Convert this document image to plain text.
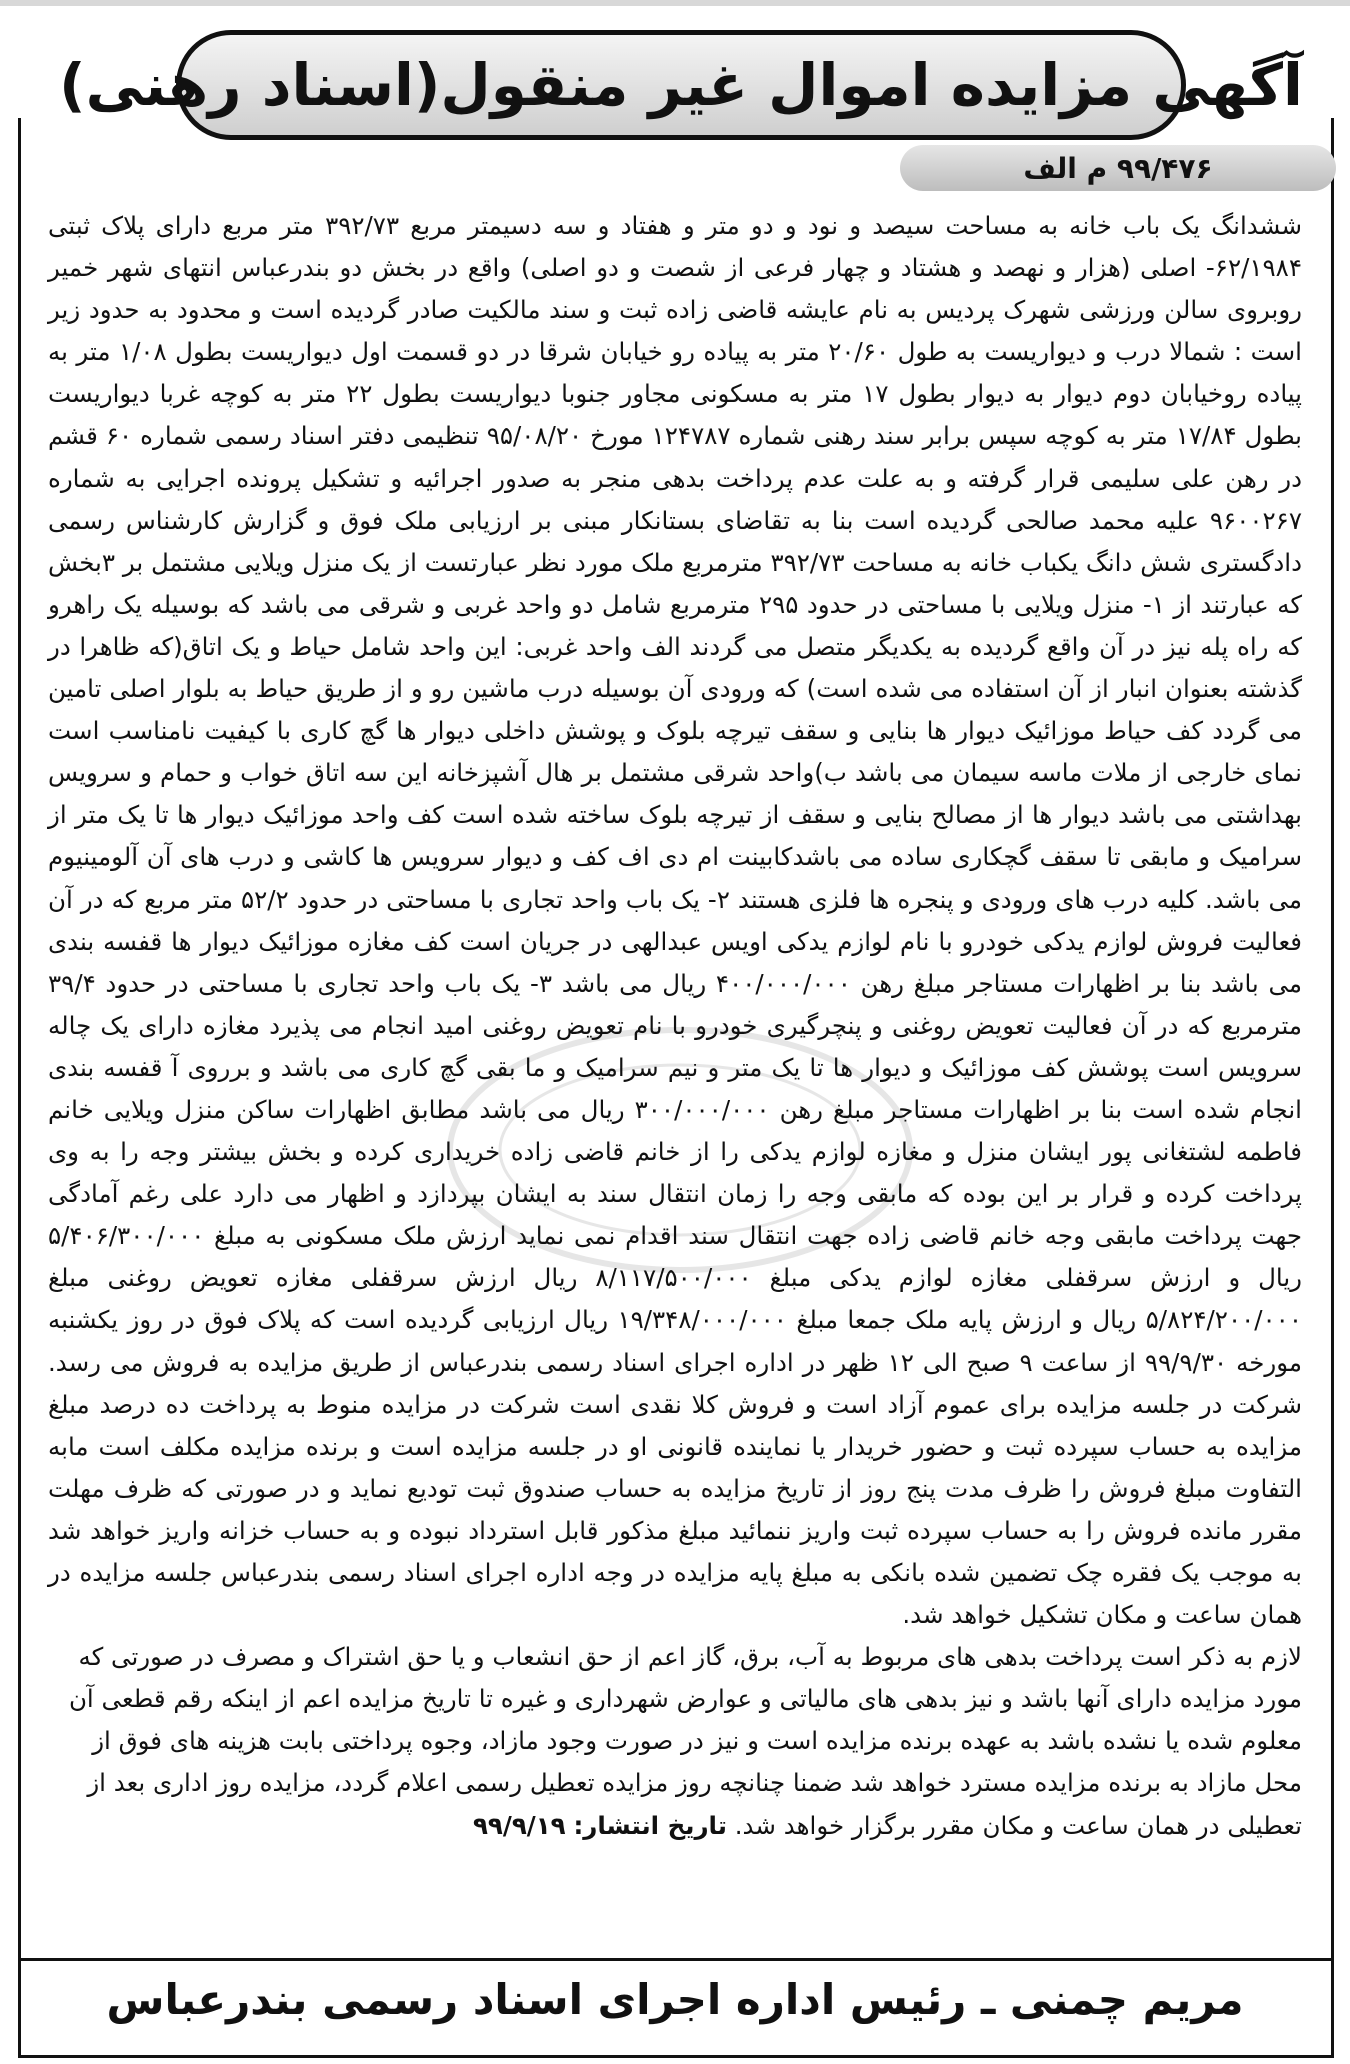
آگهی مزایده اموال غیر منقول(اسناد رهنی)
۹۹/۴۷۶ م الف

ششدانگ یک باب خانه به مساحت سیصد و نود و دو متر و هفتاد و سه دسیمتر مربع ۳۹۲/۷۳ متر مربع دارای پلاک ثبتی ۶۲/۱۹۸۴- اصلی (هزار و نهصد و هشتاد و چهار فرعی از شصت و دو اصلی) واقع در بخش دو بندرعباس انتهای شهر خمیر روبروی سالن ورزشی شهرک پردیس به نام عایشه قاضی زاده ثبت و سند مالکیت صادر گردیده است و محدود به حدود زیر است : شمالا درب و دیواریست به طول ۲۰/۶۰ متر به پیاده رو خیابان شرقا در دو قسمت اول دیواریست بطول ۱/۰۸ متر به پیاده روخیابان دوم دیوار به دیوار بطول ۱۷ متر به مسکونی مجاور جنوبا دیواریست بطول ۲۲ متر به کوچه غربا دیواریست بطول ۱۷/۸۴ متر به کوچه سپس برابر سند رهنی شماره ۱۲۴۷۸۷ مورخ ۹۵/۰۸/۲۰ تنظیمی دفتر اسناد رسمی شماره ۶۰ قشم در رهن علی سلیمی قرار گرفته و به علت عدم پرداخت بدهی منجر به صدور اجرائیه و تشکیل پرونده اجرایی به شماره ۹۶۰۰۲۶۷ علیه محمد صالحی گردیده است بنا به تقاضای بستانکار مبنی بر ارزیابی ملک فوق و گزارش کارشناس رسمی دادگستری شش دانگ یکباب خانه به مساحت ۳۹۲/۷۳ مترمربع ملک مورد نظر عبارتست از یک منزل ویلایی مشتمل بر ۳بخش که عبارتند از ۱- منزل ویلایی با مساحتی در حدود ۲۹۵ مترمربع شامل دو واحد غربی و شرقی می باشد که بوسیله یک راهرو که راه پله نیز در آن واقع گردیده به یکدیگر متصل می گردند الف واحد غربی: این واحد شامل حیاط و یک اتاق(که ظاهرا در گذشته بعنوان انبار از آن استفاده می شده است) که ورودی آن بوسیله درب ماشین رو و از طریق حیاط به بلوار اصلی تامین می گردد کف حیاط موزائیک دیوار ها بنایی و سقف تیرچه بلوک و پوشش داخلی دیوار ها گچ کاری با کیفیت نامناسب است نمای خارجی از ملات ماسه سیمان می باشد ب)واحد شرقی مشتمل بر هال آشپزخانه این سه اتاق خواب و حمام و سرویس بهداشتی می باشد دیوار ها از مصالح بنایی و سقف از تیرچه بلوک ساخته شده است کف واحد موزائیک دیوار ها تا یک متر از سرامیک و مابقی تا سقف گچکاری ساده می باشدکابینت ام دی اف کف و دیوار سرویس ها کاشی و درب های آن آلومینیوم می باشد. کلیه درب های ورودی و پنجره ها فلزی هستند ۲- یک باب واحد تجاری با مساحتی در حدود ۵۲/۲ متر مربع که در آن فعالیت فروش لوازم یدکی خودرو با نام لوازم یدکی اویس عبدالهی در جریان است کف مغازه موزائیک دیوار ها قفسه بندی می باشد بنا بر اظهارات مستاجر مبلغ رهن ۴۰۰/۰۰۰/۰۰۰ ریال می باشد ۳- یک باب واحد تجاری با مساحتی در حدود ۳۹/۴ مترمربع که در آن فعالیت تعویض روغنی و پنچرگیری خودرو با نام تعویض روغنی امید انجام می پذیرد مغازه دارای یک چاله سرویس است پوشش کف موزائیک و دیوار ها تا یک متر و نیم سرامیک و ما بقی گچ کاری می باشد و برروی آ قفسه بندی انجام شده است بنا بر اظهارات مستاجر مبلغ رهن ۳۰۰/۰۰۰/۰۰۰ ریال می باشد مطابق اظهارات ساکن منزل ویلایی خانم فاطمه لشتغانی پور ایشان منزل و مغازه لوازم یدکی را از خانم قاضی زاده خریداری کرده و بخش بیشتر وجه را به وی پرداخت کرده و قرار بر این بوده که مابقی وجه را زمان انتقال سند به ایشان بپردازد و اظهار می دارد علی رغم آمادگی جهت پرداخت مابقی وجه خانم قاضی زاده جهت انتقال سند اقدام نمی نماید ارزش ملک مسکونی به مبلغ ۵/۴۰۶/۳۰۰/۰۰۰ ریال و ارزش سرقفلی مغازه لوازم یدکی مبلغ ۸/۱۱۷/۵۰۰/۰۰۰ ریال ارزش سرقفلی مغازه تعویض روغنی مبلغ ۵/۸۲۴/۲۰۰/۰۰۰ ریال و ارزش پایه ملک جمعا مبلغ ۱۹/۳۴۸/۰۰۰/۰۰۰ ریال ارزیابی گردیده است که پلاک فوق در روز یکشنبه مورخه ۹۹/۹/۳۰ از ساعت ۹ صبح الی ۱۲ ظهر در اداره اجرای اسناد رسمی بندرعباس از طریق مزایده به فروش می رسد. شرکت در جلسه مزایده برای عموم آزاد است و فروش کلا نقدی است شرکت در مزایده منوط به پرداخت ده درصد مبلغ مزایده به حساب سپرده ثبت و حضور خریدار یا نماینده قانونی او در جلسه مزایده است و برنده مزایده مکلف است مابه التفاوت مبلغ فروش را ظرف مدت پنج روز از تاریخ مزایده به حساب صندوق ثبت تودیع نماید و در صورتی که ظرف مهلت مقرر مانده فروش را به حساب سپرده ثبت واریز ننمائید مبلغ مذکور قابل استرداد نبوده و به حساب خزانه واریز خواهد شد به موجب یک فقره چک تضمین شده بانکی به مبلغ پایه مزایده در وجه اداره اجرای اسناد رسمی بندرعباس جلسه مزایده در همان ساعت و مکان تشکیل خواهد شد.

لازم به ذکر است پرداخت بدهی های مربوط به آب، برق، گاز اعم از حق انشعاب و یا حق اشتراک و مصرف در صورتی که مورد مزایده دارای آنها باشد و نیز بدهی های مالیاتی و عوارض شهرداری و غیره تا تاریخ مزایده اعم از اینکه رقم قطعی آن معلوم شده یا نشده باشد به عهده برنده مزایده است و نیز در صورت وجود مازاد، وجوه پرداختی بابت هزینه های فوق از محل مازاد به برنده مزایده مسترد خواهد شد ضمنا چنانچه روز مزایده تعطیل رسمی اعلام گردد، مزایده روز اداری بعد از تعطیلی در همان ساعت و مکان مقرر برگزار خواهد شد. تاریخ انتشار: ۹۹/۹/۱۹

مریم چمنی ـ رئیس اداره اجرای اسناد رسمی بندرعباس
